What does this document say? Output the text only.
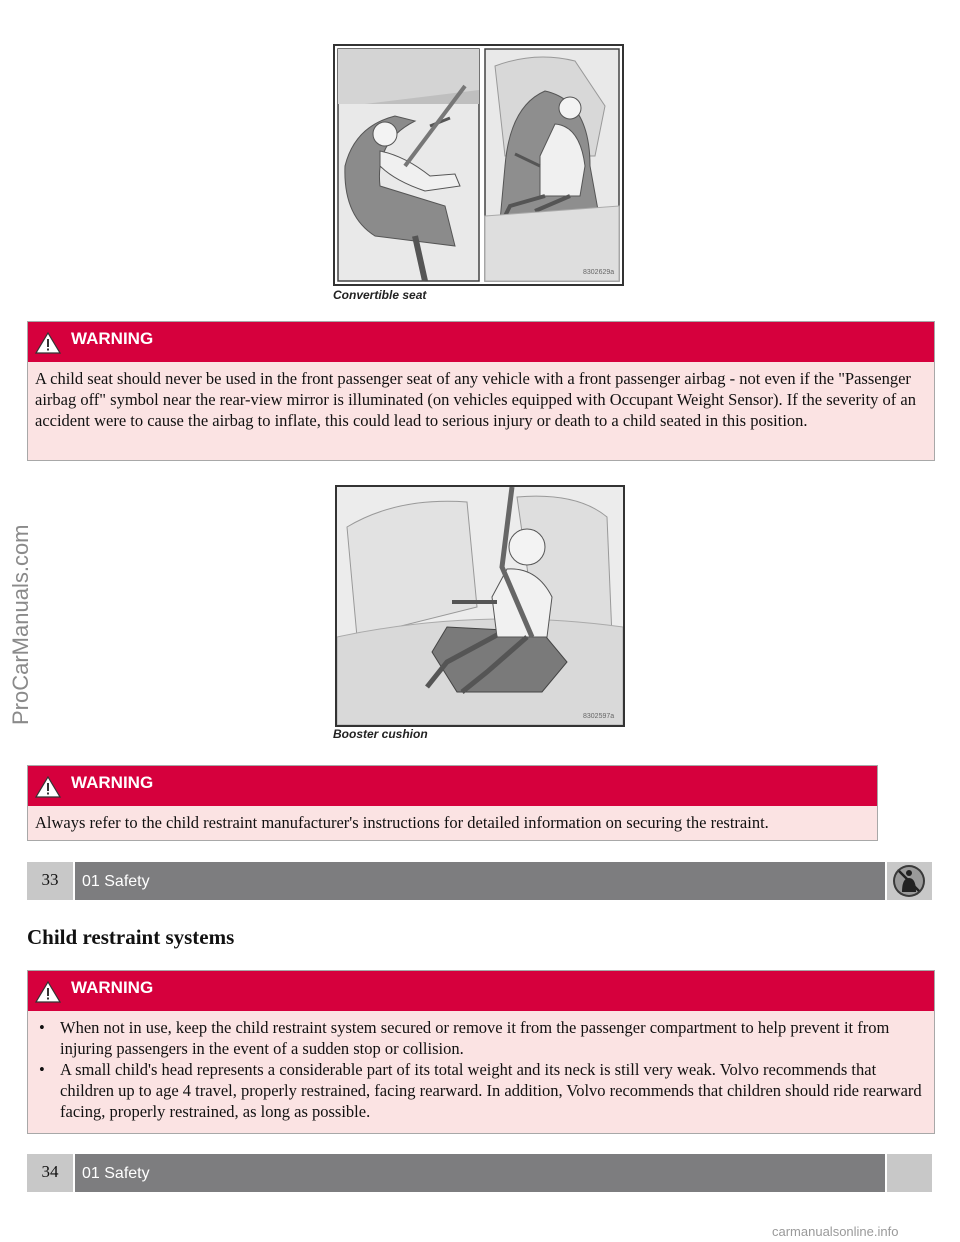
8302629a
Convertible seat
WARNING
A child seat should never be used in the front passenger seat of any vehicle with a front passenger airbag - not even if the "Passenger airbag off" symbol near the rear-view mirror is illuminated (on vehicles equipped with Occupant Weight Sensor). If the severity of an accident were to cause the airbag to inflate, this could lead to serious injury or death to a child seated in this position.
8302597a
Booster cushion
WARNING
Always refer to the child restraint manufacturer's instructions for detailed information on securing the restraint.
33	01 Safety
Child restraint systems
WARNING
• When not in use, keep the child restraint system secured or remove it from the passenger compartment to help prevent it from injuring passengers in the event of a sudden stop or collision.
• A small child's head represents a considerable part of its total weight and its neck is still very weak. Volvo recommends that children up to age 4 travel, properly restrained, facing rearward. In addition, Volvo recommends that children should ride rearward facing, properly restrained, as long as possible.
34	01 Safety
ProCarManuals.com
carmanualsonline.info
